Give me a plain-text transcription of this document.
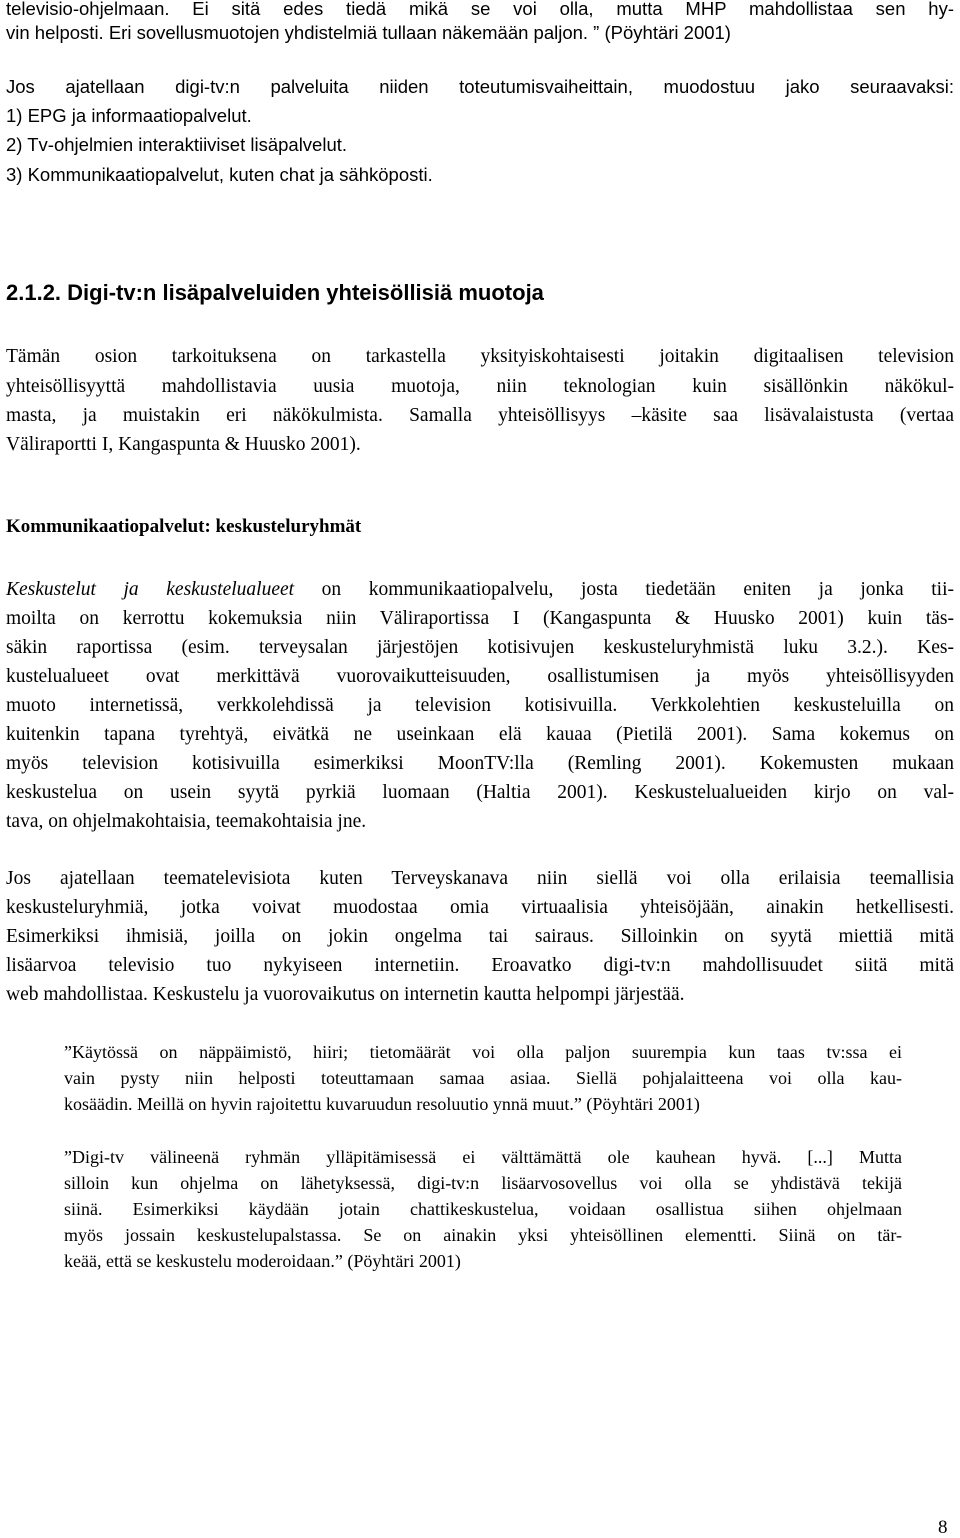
televisio-ohjelmaan. Ei sitä edes tiedä mikä se voi olla, mutta MHP mahdollistaa sen hy-
vin helposti. Eri sovellusmuotojen yhdistelmiä tullaan näkemään paljon. ” (Pöyhtäri 2001)
Jos ajatellaan digi-tv:n palveluita niiden toteutumisvaiheittain, muodostuu jako seuraavaksi:
1) EPG ja informaatiopalvelut.
2) Tv-ohjelmien interaktiiviset lisäpalvelut.
3) Kommunikaatiopalvelut, kuten chat ja sähköposti.
2.1.2. Digi-tv:n lisäpalveluiden yhteisöllisiä muotoja
Tämän osion tarkoituksena on tarkastella yksityiskohtaisesti joitakin digitaalisen television
yhteisöllisyyttä mahdollistavia uusia muotoja, niin teknologian kuin sisällönkin näkökul-
masta, ja muistakin eri näkökulmista. Samalla yhteisöllisyys –käsite saa lisävalaistusta (vertaa
Väliraportti I, Kangaspunta & Huusko 2001).
Kommunikaatiopalvelut: keskusteluryhmät
Keskustelut ja keskustelualueet on kommunikaatiopalvelu, josta tiedetään eniten ja jonka tii-
moilta on kerrottu kokemuksia niin Väliraportissa I (Kangaspunta & Huusko 2001) kuin täs-
säkin raportissa (esim. terveysalan järjestöjen kotisivujen keskusteluryhmistä luku 3.2.). Kes-
kustelualueet ovat merkittävä vuorovaikutteisuuden, osallistumisen ja myös yhteisöllisyyden
muoto internetissä, verkkolehdissä ja television kotisivuilla. Verkkolehtien keskusteluilla on
kuitenkin tapana tyrehtyä, eivätkä ne useinkaan elä kauaa (Pietilä 2001). Sama kokemus on
myös television kotisivuilla esimerkiksi MoonTV:lla (Remling 2001). Kokemusten mukaan
keskustelua on usein syytä pyrkiä luomaan (Haltia 2001). Keskustelualueiden kirjo on val-
tava, on ohjelmakohtaisia, teemakohtaisia jne.
Jos ajatellaan teematelevisiota kuten Terveyskanava niin siellä voi olla erilaisia teemallisia
keskusteluryhmiä, jotka voivat muodostaa omia virtuaalisia yhteisöjään, ainakin hetkellisesti.
Esimerkiksi ihmisiä, joilla on jokin ongelma tai sairaus. Silloinkin on syytä miettiä mitä
lisäarvoa televisio tuo nykyiseen internetiin. Eroavatko digi-tv:n mahdollisuudet siitä mitä
web mahdollistaa. Keskustelu ja vuorovaikutus on internetin kautta helpompi järjestää.
”Käytössä on näppäimistö, hiiri; tietomäärät voi olla paljon suurempia kun taas tv:ssa ei
vain pysty niin helposti toteuttamaan samaa asiaa. Siellä pohjalaitteena voi olla kau-
kosäädin. Meillä on hyvin rajoitettu kuvaruudun resoluutio ynnä muut.” (Pöyhtäri 2001)
”Digi-tv välineenä ryhmän ylläpitämisessä ei välttämättä ole kauhean hyvä. [...] Mutta
silloin kun ohjelma on lähetyksessä, digi-tv:n lisäarvosovellus voi olla se yhdistävä tekijä
siinä. Esimerkiksi käydään jotain chattikeskustelua, voidaan osallistua siihen ohjelmaan
myös jossain keskustelupalstassa. Se on ainakin yksi yhteisöllinen elementti. Siinä on tär-
keää, että se keskustelu moderoidaan.” (Pöyhtäri 2001)
8
